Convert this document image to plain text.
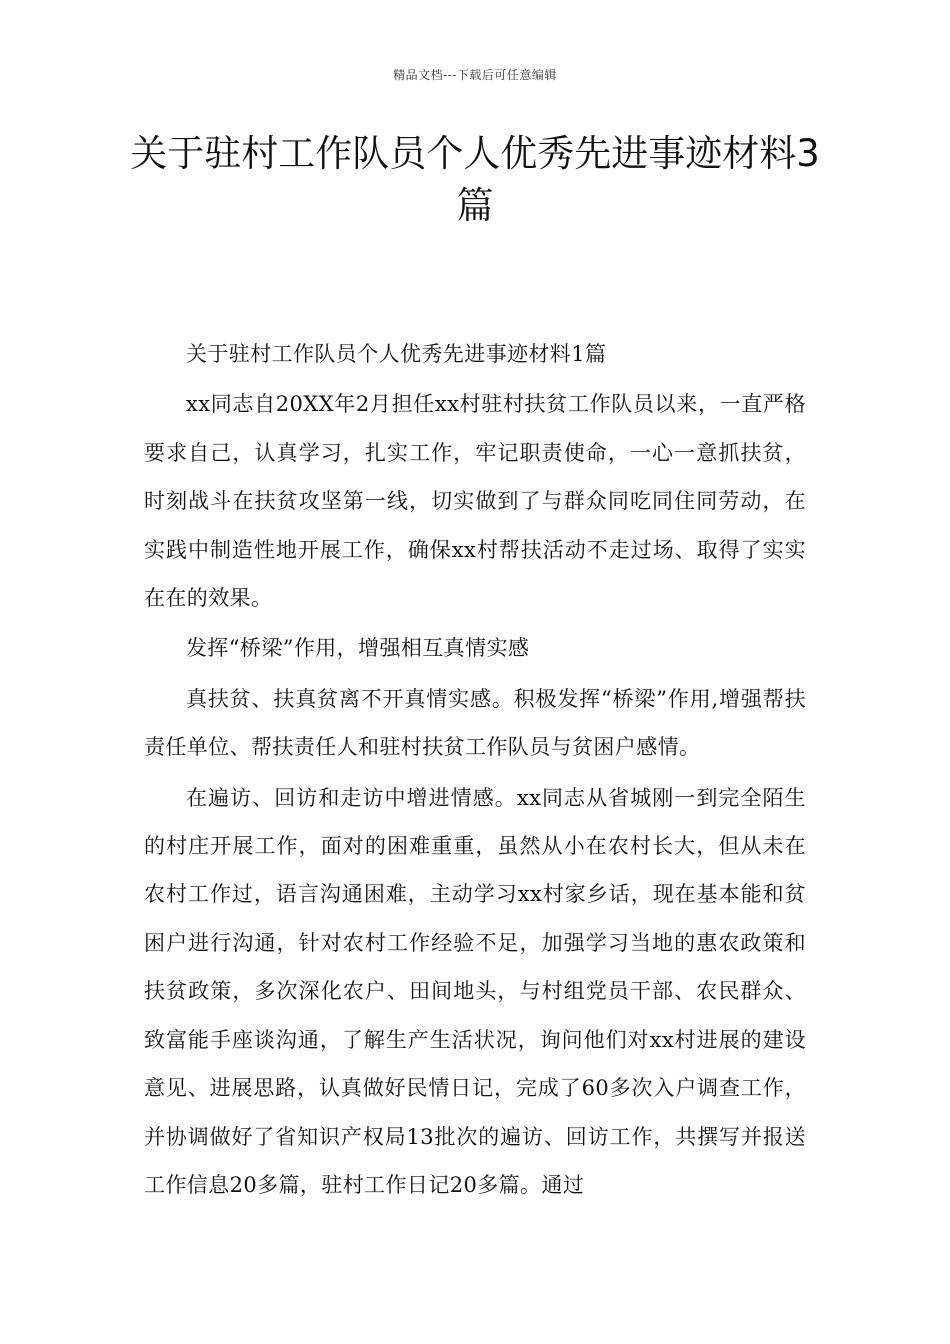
精品文档---下载后可任意编辑
关于驻村工作队员个人优秀先进事迹材料3篇

关于驻村工作队员个人优秀先进事迹材料1篇

xx同志自20XX年2月担任xx村驻村扶贫工作队员以来，一直严格要求自己，认真学习，扎实工作，牢记职责使命，一心一意抓扶贫，时刻战斗在扶贫攻坚第一线，切实做到了与群众同吃同住同劳动，在实践中制造性地开展工作，确保xx村帮扶活动不走过场、取得了实实在在的效果。

发挥“桥梁”作用，增强相互真情实感

真扶贫、扶真贫离不开真情实感。积极发挥“桥梁”作用,增强帮扶责任单位、帮扶责任人和驻村扶贫工作队员与贫困户感情。

在遍访、回访和走访中增进情感。xx同志从省城刚一到完全陌生的村庄开展工作，面对的困难重重，虽然从小在农村长大，但从未在农村工作过，语言沟通困难，主动学习xx村家乡话，现在基本能和贫困户进行沟通，针对农村工作经验不足，加强学习当地的惠农政策和扶贫政策，多次深化农户、田间地头，与村组党员干部、农民群众、致富能手座谈沟通，了解生产生活状况，询问他们对xx村进展的建设意见、进展思路，认真做好民情日记，完成了60多次入户调查工作，并协调做好了省知识产权局13批次的遍访、回访工作，共撰写并报送工作信息20多篇，驻村工作日记20多篇。通过
